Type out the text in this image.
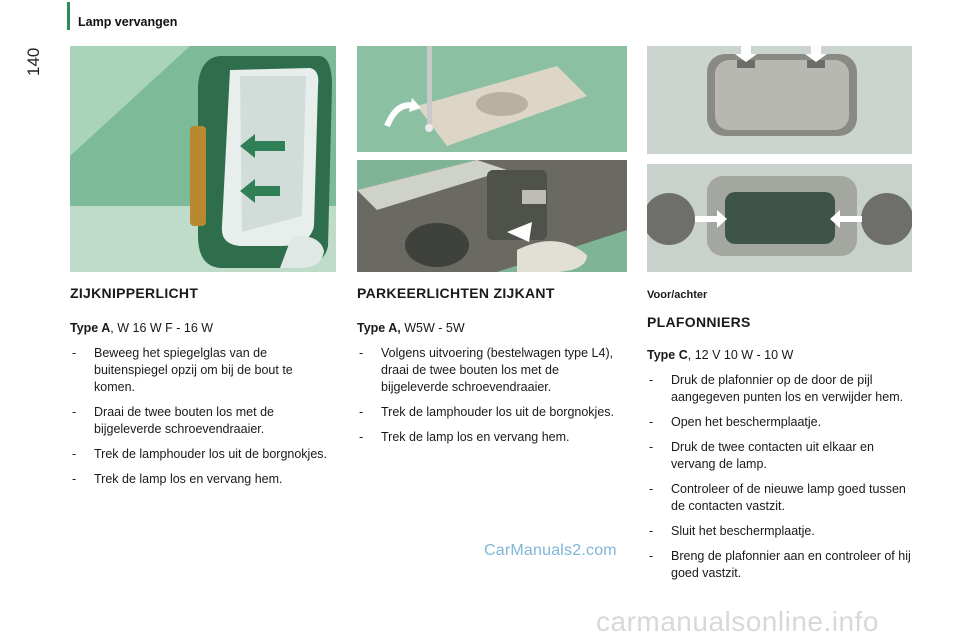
Lamp vervangen
140
ZIJKNIPPERLICHT
Type A, W 16 W F - 16 W
- Beweeg het spiegelglas van de buitenspiegel opzij om bij de bout te komen.
- Draai de twee bouten los met de bijgeleverde schroevendraaier.
- Trek de lamphouder los uit de borgnokjes.
- Trek de lamp los en vervang hem.
PARKEERLICHTEN ZIJKANT
Type A, W5W - 5W
- Volgens uitvoering (bestelwagen type L4), draai de twee bouten los met de bijgeleverde schroevendraaier.
- Trek de lamphouder los uit de borgnokjes.
- Trek de lamp los en vervang hem.
Voor/achter
PLAFONNIERS
Type C, 12 V 10 W - 10 W
- Druk de plafonnier op de door de pijl aangegeven punten los en verwijder hem.
- Open het beschermplaatje.
- Druk de twee contacten uit elkaar en vervang de lamp.
- Controleer of de nieuwe lamp goed tussen de contacten vastzit.
- Sluit het beschermplaatje.
- Breng de plafonnier aan en controleer of hij goed vastzit.
CarManuals2.com
carmanualsonline.info
